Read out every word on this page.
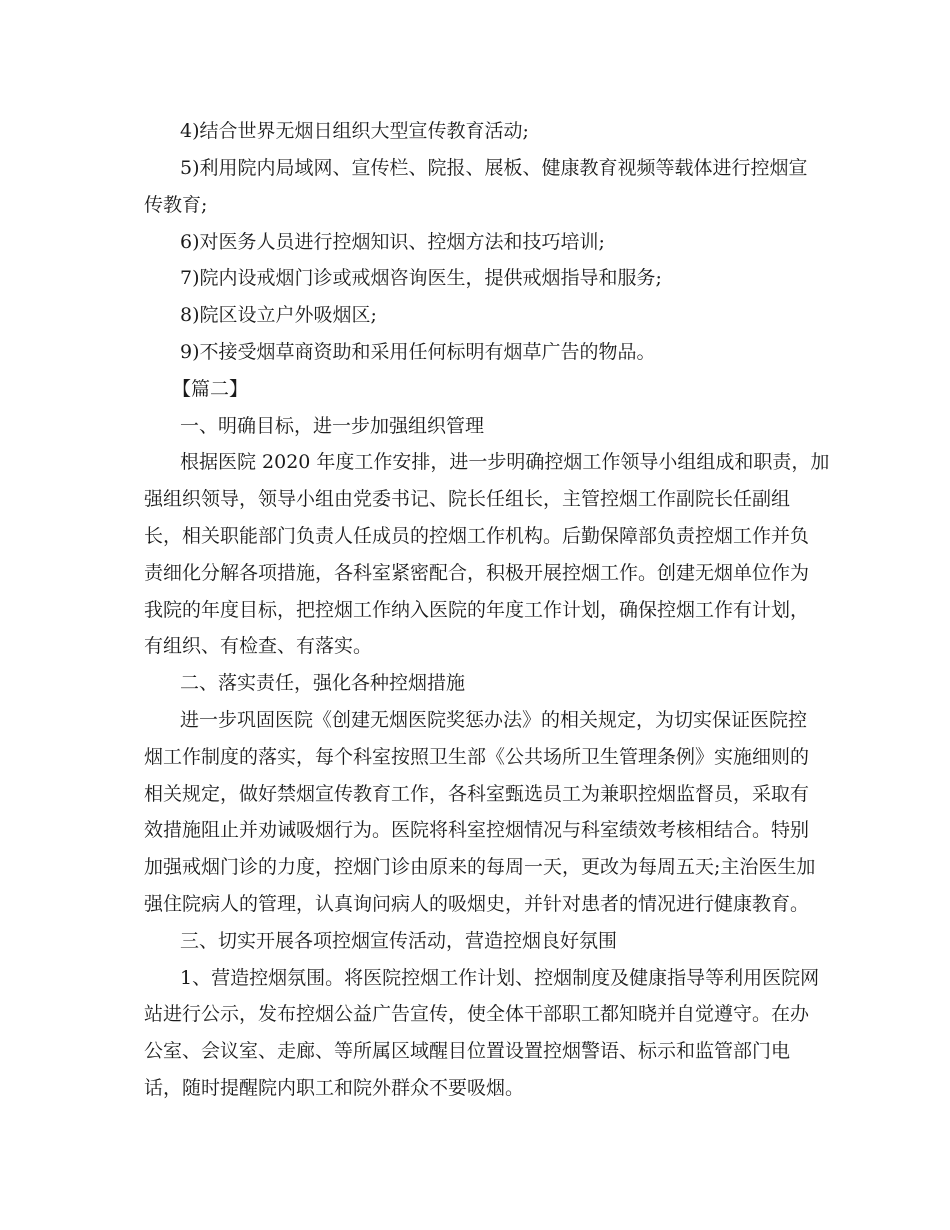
4)结合世界无烟日组织大型宣传教育活动;
5)利用院内局域网、宣传栏、院报、展板、健康教育视频等载体进行控烟宣
传教育;
6)对医务人员进行控烟知识、控烟方法和技巧培训;
7)院内设戒烟门诊或戒烟咨询医生，提供戒烟指导和服务;
8)院区设立户外吸烟区;
9)不接受烟草商资助和采用任何标明有烟草广告的物品。
【篇二】
一、明确目标，进一步加强组织管理
根据医院 2020 年度工作安排，进一步明确控烟工作领导小组组成和职责，加
强组织领导，领导小组由党委书记、院长任组长，主管控烟工作副院长任副组
长，相关职能部门负责人任成员的控烟工作机构。后勤保障部负责控烟工作并负
责细化分解各项措施，各科室紧密配合，积极开展控烟工作。创建无烟单位作为
我院的年度目标，把控烟工作纳入医院的年度工作计划，确保控烟工作有计划，
有组织、有检查、有落实。
二、落实责任，强化各种控烟措施
进一步巩固医院《创建无烟医院奖惩办法》的相关规定，为切实保证医院控
烟工作制度的落实，每个科室按照卫生部《公共场所卫生管理条例》实施细则的
相关规定，做好禁烟宣传教育工作，各科室甄选员工为兼职控烟监督员，采取有
效措施阻止并劝诫吸烟行为。医院将科室控烟情况与科室绩效考核相结合。特别
加强戒烟门诊的力度，控烟门诊由原来的每周一天，更改为每周五天;主治医生加
强住院病人的管理，认真询问病人的吸烟史，并针对患者的情况进行健康教育。
三、切实开展各项控烟宣传活动，营造控烟良好氛围
1、营造控烟氛围。将医院控烟工作计划、控烟制度及健康指导等利用医院网
站进行公示，发布控烟公益广告宣传，使全体干部职工都知晓并自觉遵守。在办
公室、会议室、走廊、等所属区域醒目位置设置控烟警语、标示和监管部门电
话，随时提醒院内职工和院外群众不要吸烟。
